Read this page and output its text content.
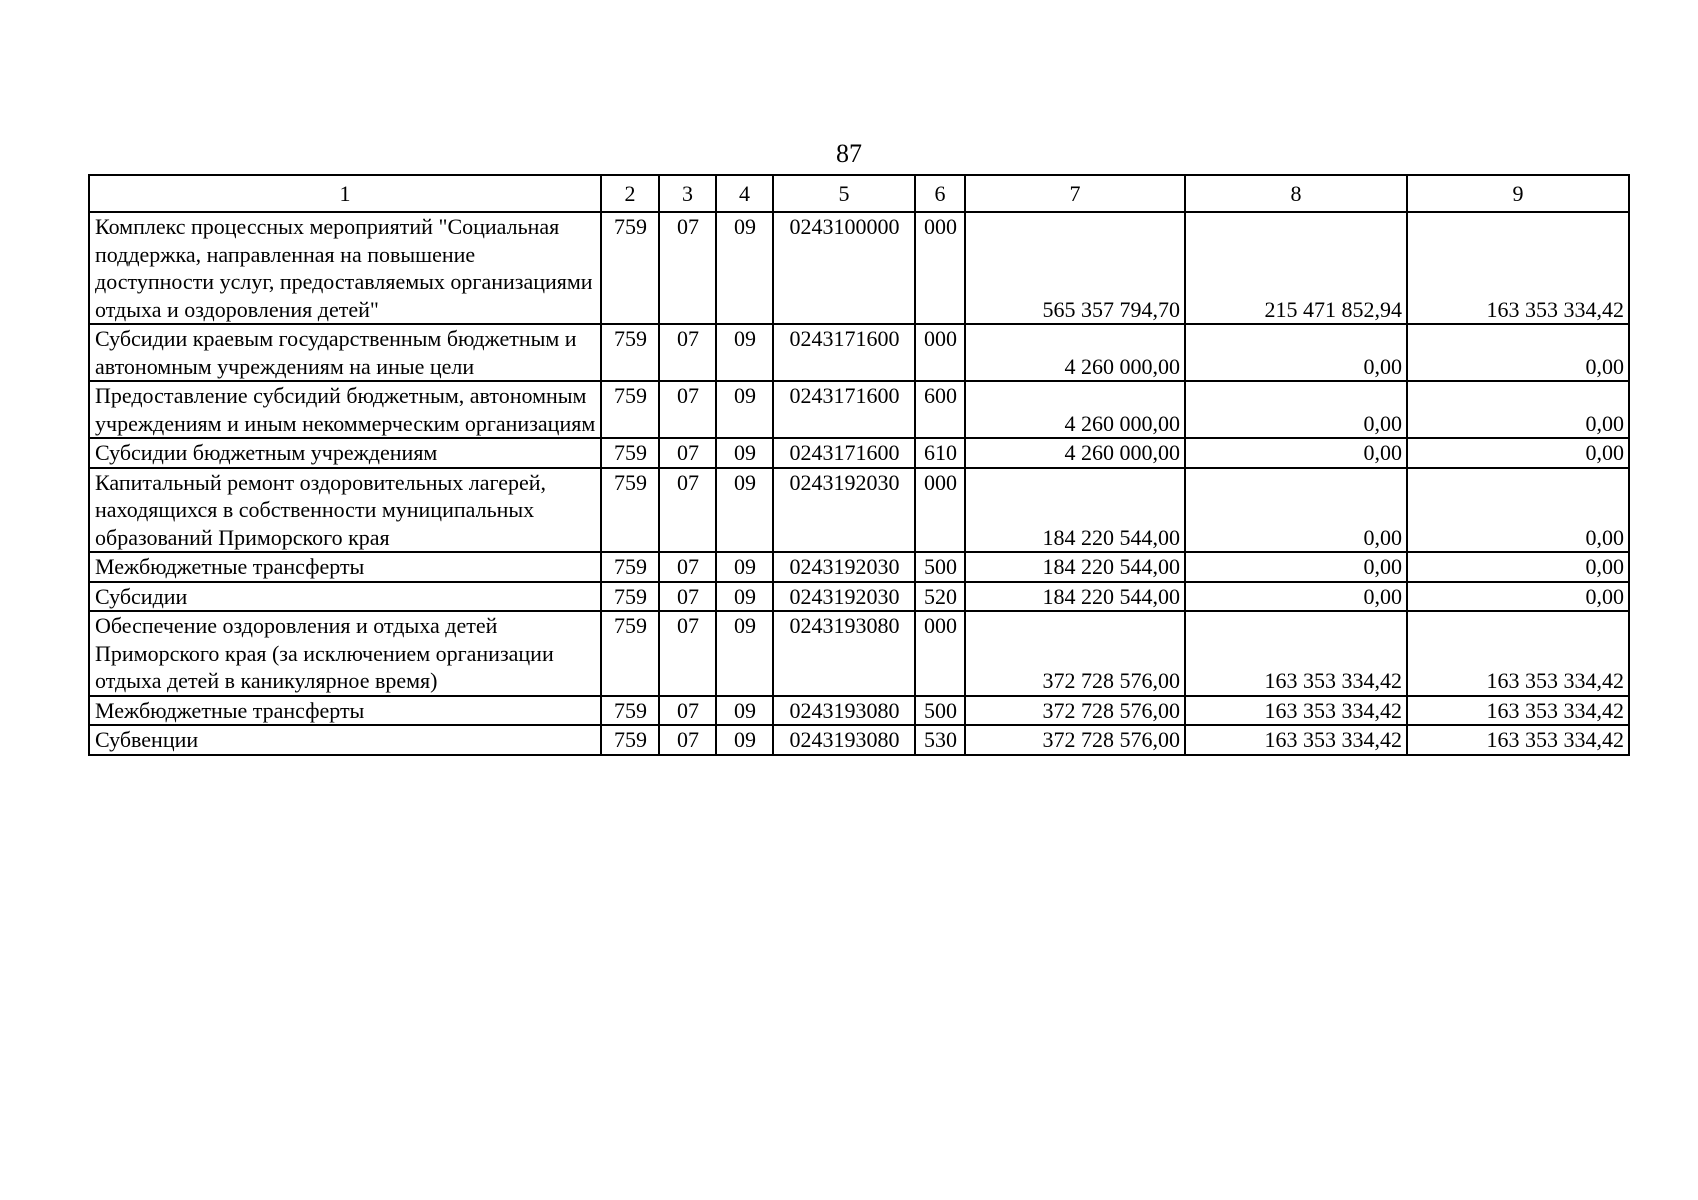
87
1	2	3	4	5	6	7	8	9
Комплекс процессных мероприятий "Социальная поддержка, направленная на повышение доступности услуг, предоставляемых организациями отдыха и оздоровления детей"	759	07	09	0243100000	000	565 357 794,70	215 471 852,94	163 353 334,42
Субсидии краевым государственным бюджетным и автономным учреждениям на иные цели	759	07	09	0243171600	000	4 260 000,00	0,00	0,00
Предоставление субсидий бюджетным, автономным учреждениям и иным некоммерческим организациям	759	07	09	0243171600	600	4 260 000,00	0,00	0,00
Субсидии бюджетным учреждениям	759	07	09	0243171600	610	4 260 000,00	0,00	0,00
Капитальный ремонт оздоровительных лагерей, находящихся в собственности муниципальных образований Приморского края	759	07	09	0243192030	000	184 220 544,00	0,00	0,00
Межбюджетные трансферты	759	07	09	0243192030	500	184 220 544,00	0,00	0,00
Субсидии	759	07	09	0243192030	520	184 220 544,00	0,00	0,00
Обеспечение оздоровления и отдыха детей Приморского края (за исключением организации отдыха детей в каникулярное время)	759	07	09	0243193080	000	372 728 576,00	163 353 334,42	163 353 334,42
Межбюджетные трансферты	759	07	09	0243193080	500	372 728 576,00	163 353 334,42	163 353 334,42
Субвенции	759	07	09	0243193080	530	372 728 576,00	163 353 334,42	163 353 334,42
